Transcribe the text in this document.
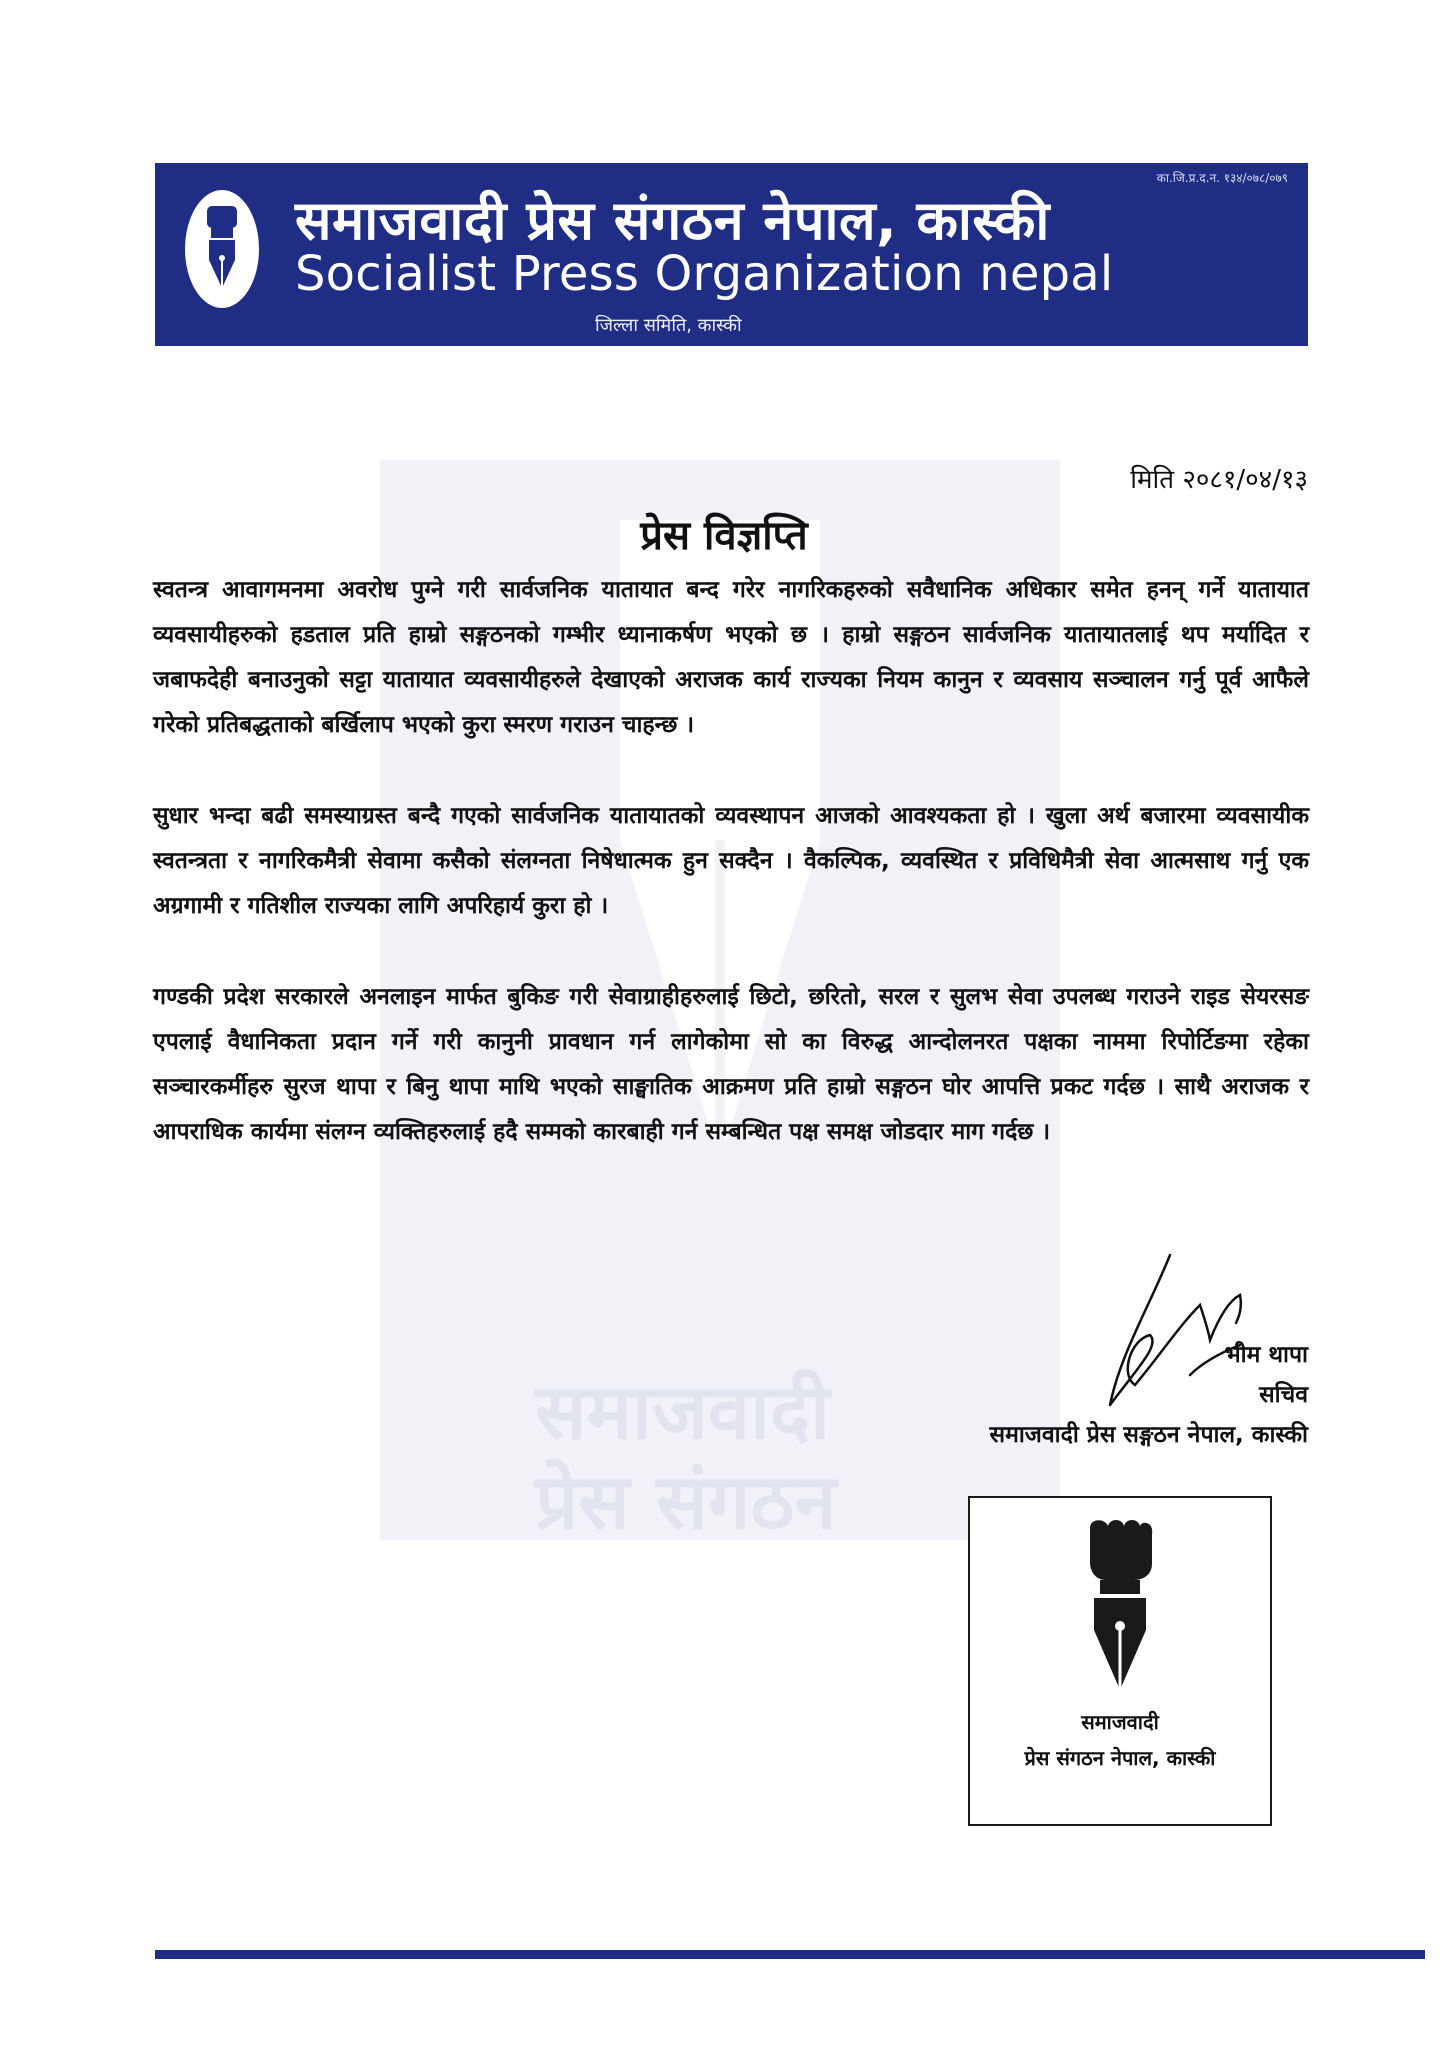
समाजवादी
प्रेस संगठन
का.जि.प्र.द.न. १३४/०७८/०७९
समाजवादी प्रेस संगठन नेपाल, कास्की
Socialist Press Organization nepal
जिल्ला समिति, कास्की
मिति २०८१/०४/१३
प्रेस विज्ञप्ति

स्वतन्त्र आवागमनमा अवरोध पुग्ने गरी सार्वजनिक यातायात बन्द गरेर नागरिकहरुको सवैधानिक अधिकार समेत हनन् गर्ने यातायात व्यवसायीहरुको हडताल प्रति हाम्रो सङ्गठनको गम्भीर ध्यानाकर्षण भएको छ । हाम्रो सङ्गठन सार्वजनिक यातायातलाई थप मर्यादित र जबाफदेही बनाउनुको सट्टा यातायात व्यवसायीहरुले देखाएको अराजक कार्य राज्यका नियम कानुन र व्यवसाय सञ्चालन गर्नु पूर्व आफैले गरेको प्रतिबद्धताको बर्खिलाप भएको कुरा स्मरण गराउन चाहन्छ ।

सुधार भन्दा बढी समस्याग्रस्त बन्दै गएको सार्वजनिक यातायातको व्यवस्थापन आजको आवश्यकता हो । खुला अर्थ बजारमा व्यवसायीक स्वतन्त्रता र नागरिकमैत्री सेवामा कसैको संलग्नता निषेधात्मक हुन सक्दैन । वैकल्पिक, व्यवस्थित र प्रविधिमैत्री सेवा आत्मसाथ गर्नु एक अग्रगामी र गतिशील राज्यका लागि अपरिहार्य कुरा हो ।

गण्डकी प्रदेश सरकारले अनलाइन मार्फत बुकिङ गरी सेवाग्राहीहरुलाई छिटो, छरितो, सरल र सुलभ सेवा उपलब्ध गराउने राइड सेयरसङ एपलाई वैधानिकता प्रदान गर्ने गरी कानुनी प्रावधान गर्न लागेकोमा सो का विरुद्ध आन्दोलनरत पक्षका नाममा रिपोर्टिङमा रहेका सञ्चारकर्मीहरु सुरज थापा र बिनु थापा माथि भएको साङ्घातिक आक्रमण प्रति हाम्रो सङ्गठन घोर आपत्ति प्रकट गर्दछ । साथै अराजक र आपराधिक कार्यमा संलग्न व्यक्तिहरुलाई हदै सम्मको कारबाही गर्न सम्बन्धित पक्ष समक्ष जोडदार माग गर्दछ ।

भीम थापा
सचिव
समाजवादी प्रेस सङ्गठन नेपाल, कास्की
समाजवादी
प्रेस संगठन नेपाल, कास्की
